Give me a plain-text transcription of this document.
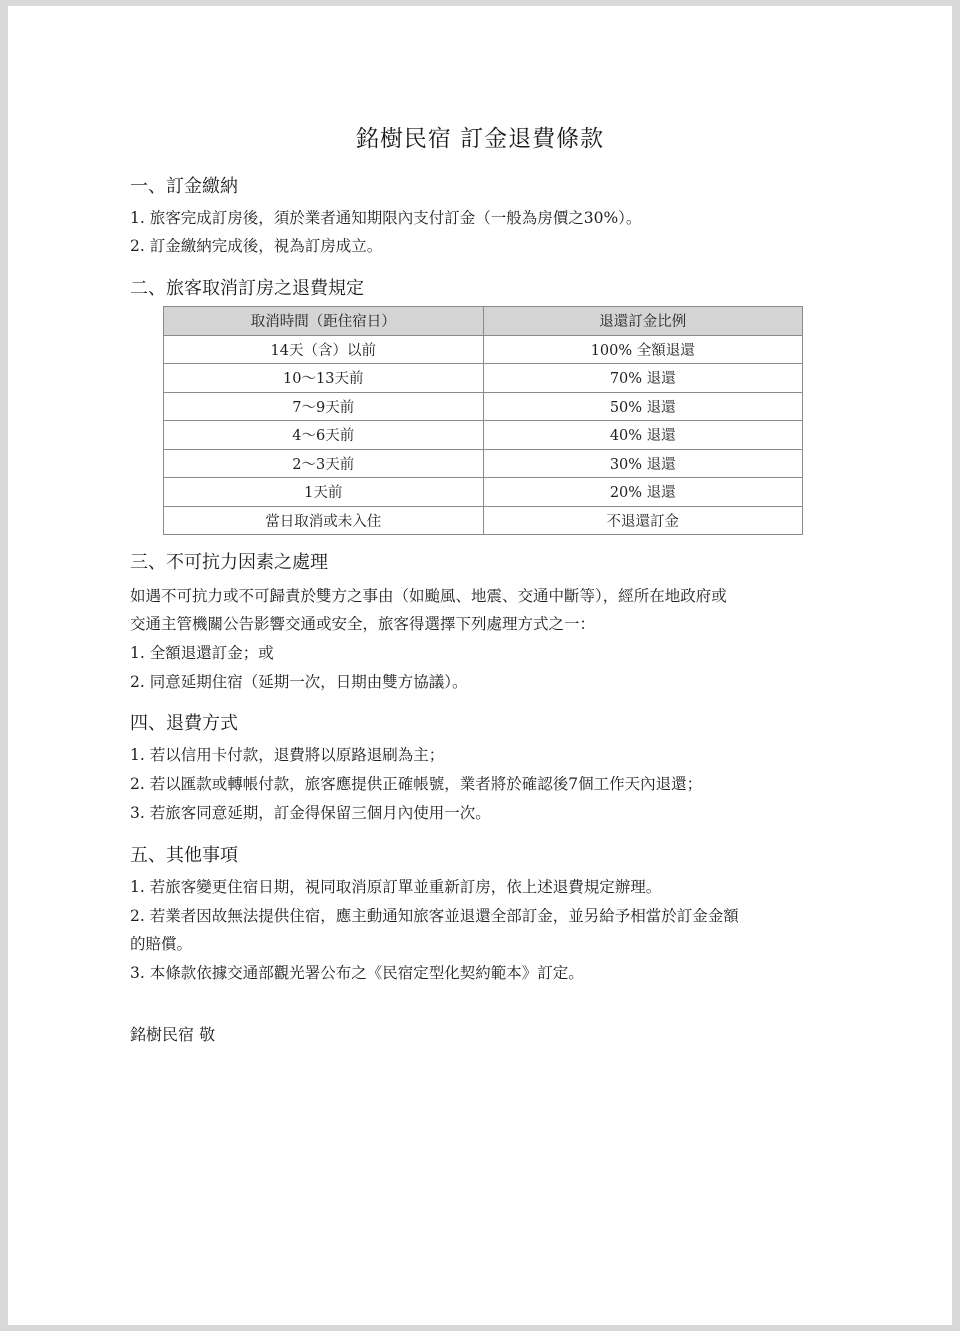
銘樹民宿 訂金退費條款
一、訂金繳納
1. 旅客完成訂房後，須於業者通知期限內支付訂金（一般為房價之30%）。
2. 訂金繳納完成後，視為訂房成立。
二、旅客取消訂房之退費規定
取消時間（距住宿日）	退還訂金比例
14天（含）以前	100% 全額退還
10～13天前	70% 退還
7～9天前	50% 退還
4～6天前	40% 退還
2～3天前	30% 退還
1天前	20% 退還
當日取消或未入住	不退還訂金
三、不可抗力因素之處理
如遇不可抗力或不可歸責於雙方之事由（如颱風、地震、交通中斷等），經所在地政府或
交通主管機關公告影響交通或安全，旅客得選擇下列處理方式之一：
1. 全額退還訂金；或
2. 同意延期住宿（延期一次，日期由雙方協議）。
四、退費方式
1. 若以信用卡付款，退費將以原路退刷為主；
2. 若以匯款或轉帳付款，旅客應提供正確帳號，業者將於確認後7個工作天內退還；
3. 若旅客同意延期，訂金得保留三個月內使用一次。
五、其他事項
1. 若旅客變更住宿日期，視同取消原訂單並重新訂房，依上述退費規定辦理。
2. 若業者因故無法提供住宿，應主動通知旅客並退還全部訂金，並另給予相當於訂金金額
的賠償。
3. 本條款依據交通部觀光署公布之《民宿定型化契約範本》訂定。
銘樹民宿 敬
